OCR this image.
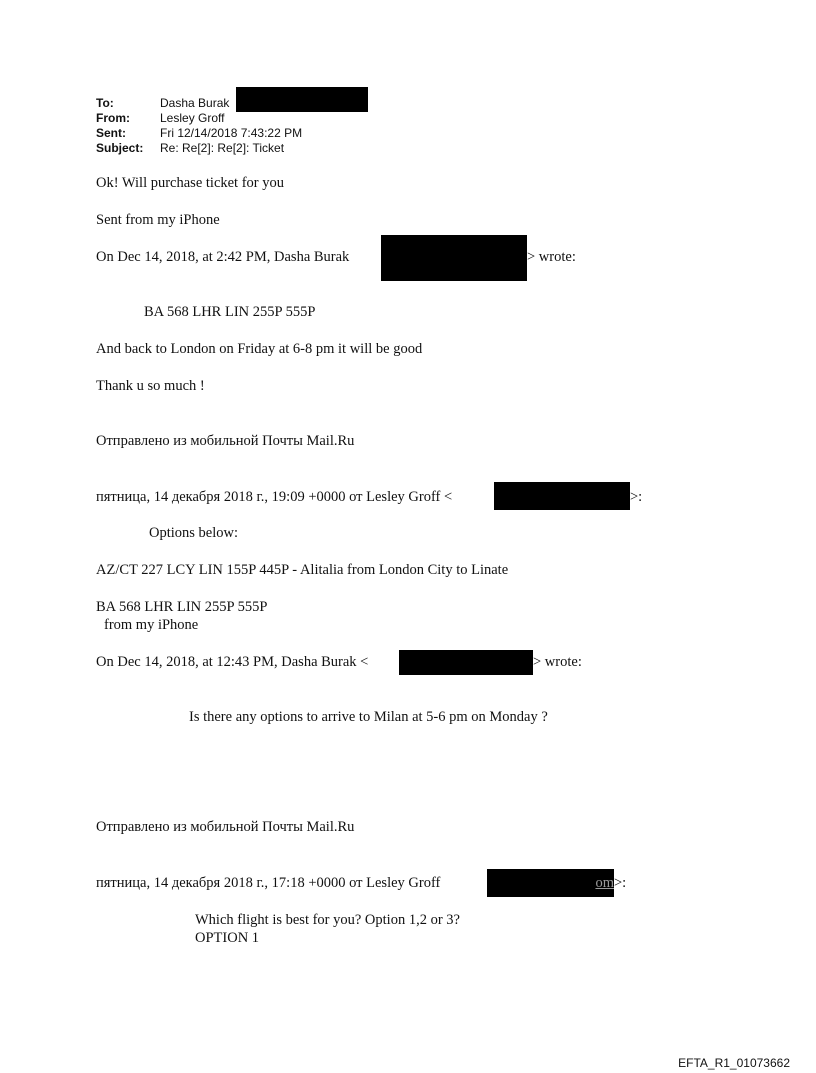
To:	Dasha Burak
From:	Lesley Groff
Sent:	Fri 12/14/2018 7:43:22 PM
Subject:	Re: Re[2]: Re[2]: Ticket
Ok! Will purchase ticket for you
Sent from my iPhone
On Dec 14, 2018, at 2:42 PM, Dasha Burak	> wrote:
BA 568 LHR LIN 255P 555P
And back to London on Friday at 6-8 pm it will be good
Thank u so much !
Отправлено из мобильной Почты Mail.Ru
пятница, 14 декабря 2018 г., 19:09 +0000 от Lesley Groff <	>:
Options below:
AZ/CT 227 LCY LIN 155P 445P - Alitalia from London City to Linate
BA 568 LHR LIN 255P 555P
from my iPhone
On Dec 14, 2018, at 12:43 PM, Dasha Burak <	> wrote:
Is there any options to arrive to Milan at 5-6 pm on Monday ?
Отправлено из мобильной Почты Mail.Ru
пятница, 14 декабря 2018 г., 17:18 +0000 от Lesley Groff	om >:
Which flight is best for you? Option 1,2 or 3?
OPTION 1
EFTA_R1_01073662
